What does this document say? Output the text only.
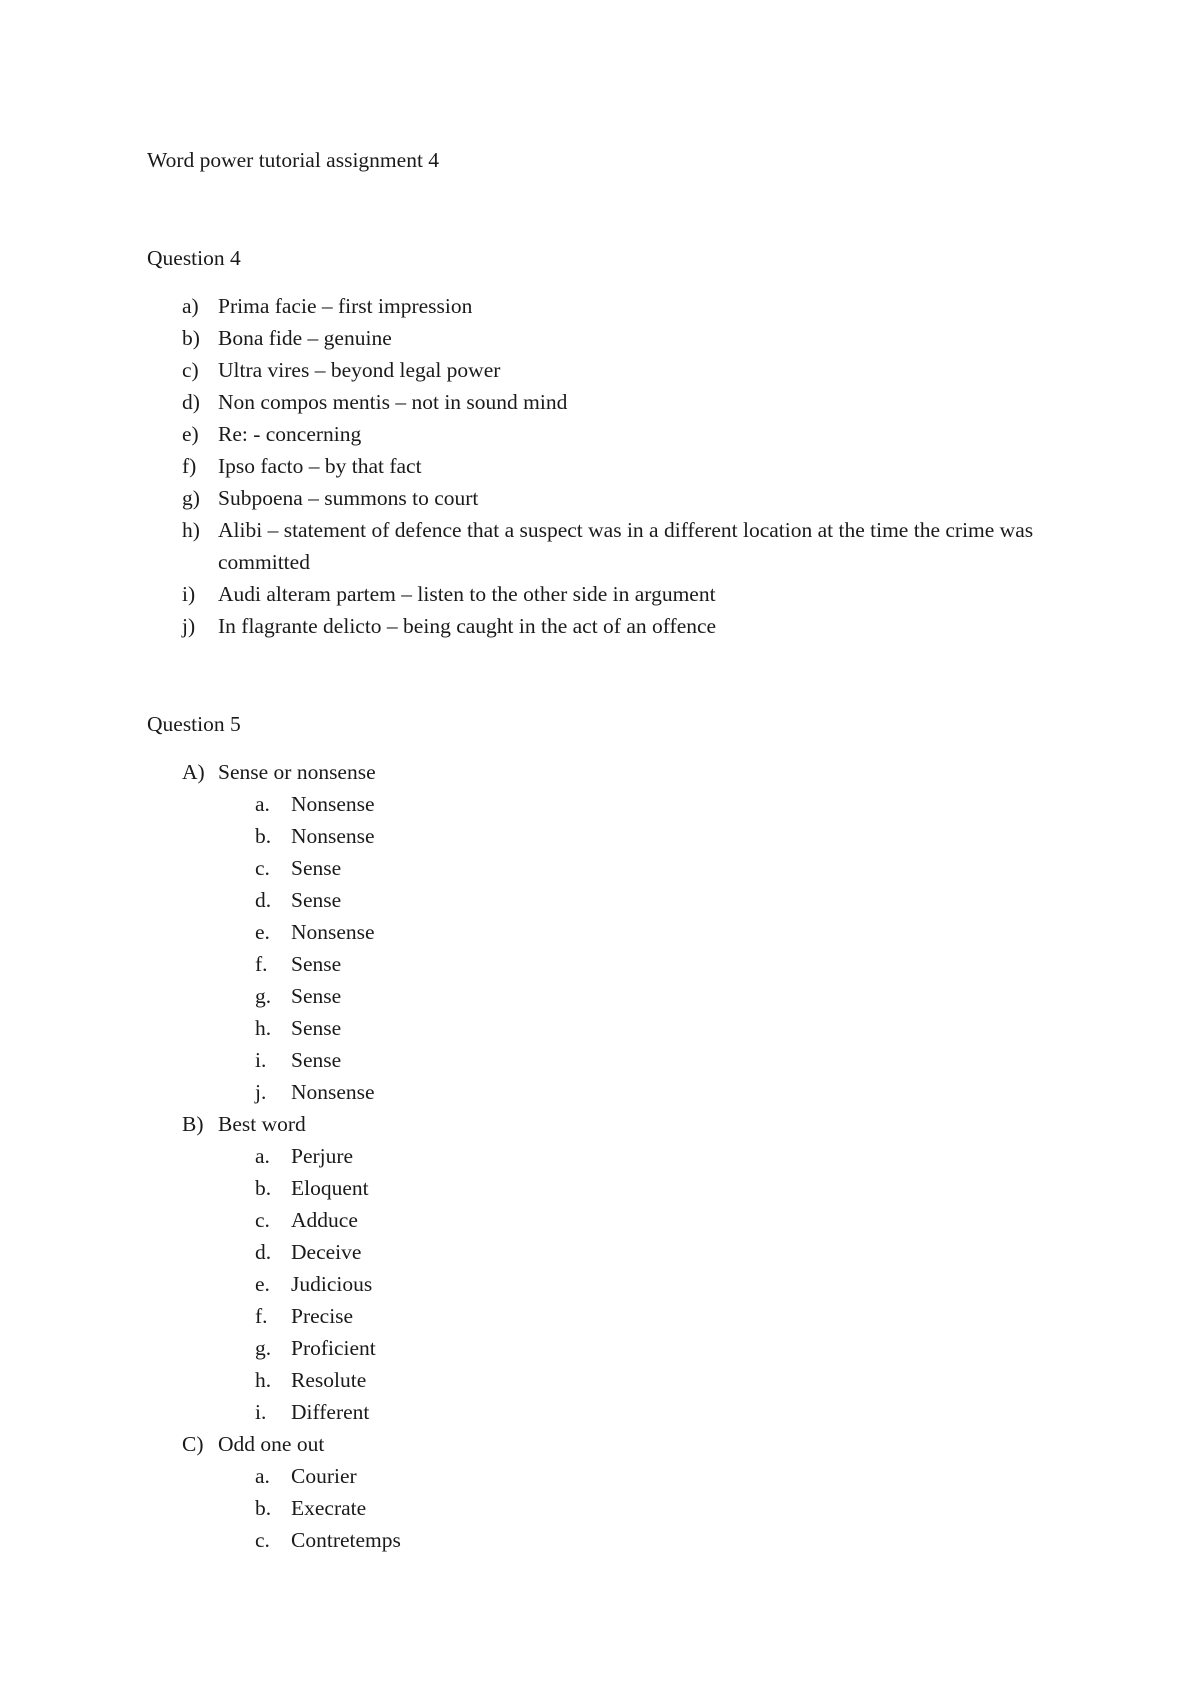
Word power tutorial assignment 4
Question 4
a) Prima facie – first impression
b) Bona fide – genuine
c) Ultra vires – beyond legal power
d) Non compos mentis – not in sound mind
e) Re: - concerning
f) Ipso facto – by that fact
g) Subpoena – summons to court
h) Alibi – statement of defence that a suspect was in a different location at the time the crime was committed
i) Audi alteram partem – listen to the other side in argument
j) In flagrante delicto – being caught in the act of an offence
Question 5
A) Sense or nonsense
a. Nonsense
b. Nonsense
c. Sense
d. Sense
e. Nonsense
f. Sense
g. Sense
h. Sense
i. Sense
j. Nonsense
B) Best word
a. Perjure
b. Eloquent
c. Adduce
d. Deceive
e. Judicious
f. Precise
g. Proficient
h. Resolute
i. Different
C) Odd one out
a. Courier
b. Execrate
c. Contretemps
